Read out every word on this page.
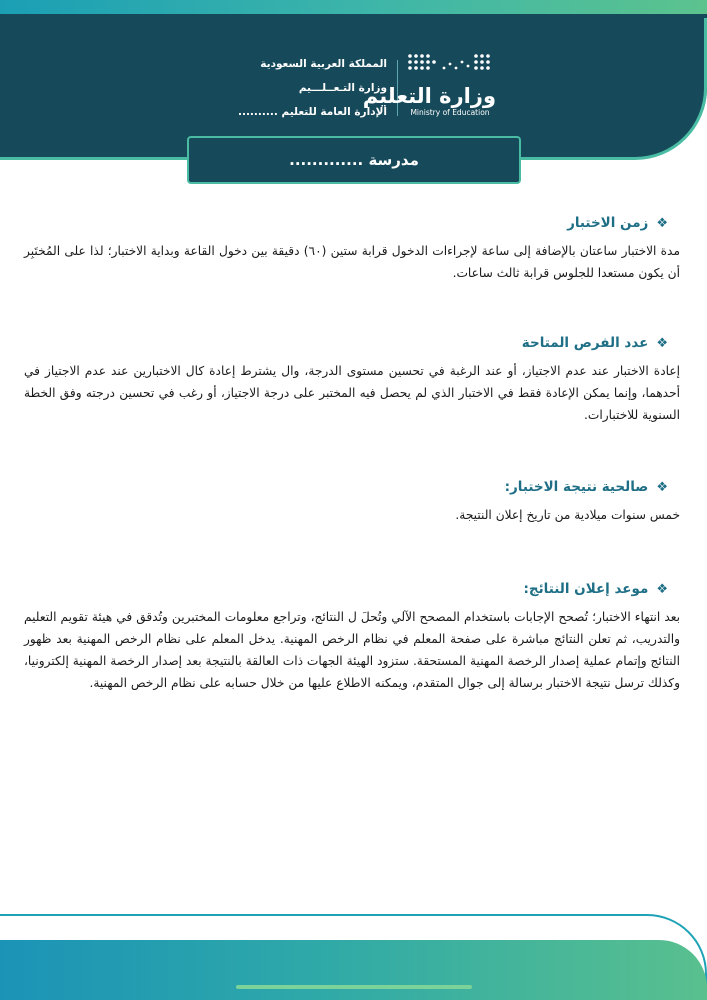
المملكة العربية السعودية
وزارة التـعــلـــيم
الإدارة العامة للتعليم ..........
وزارة التعليم
Ministry of Education
مدرسة .............
❖
زمن الاختبار

مدة الاختبار ساعتان بالإضافة إلى ساعة لإجراءات الدخول قرابة ستين (٦٠) دقيقة بين دخول القاعة وبداية الاختبار؛ لذا على المُختَبِر أن يكون مستعدا للجلوس قرابة ثالث ساعات.

❖
عدد الفرص المتاحة

إعادة الاختبار عند عدم الاجتياز، أو عند الرغبة في تحسين مستوى الدرجة، وال يشترط إعادة كال الاختبارين عند عدم الاجتياز في أحدهما، وإنما يمكن الإعادة فقط في الاختبار الذي لم يحصل فيه المختبر على درجة الاجتياز، أو رغب في تحسين درجته وفق الخطة السنوية للاختبارات.

❖
صالحية نتيجة الاختبار:

خمس سنوات ميلادية من تاريخ إعلان النتيجة.

❖
موعد إعلان النتائج:

بعد انتهاء الاختبار؛ تُصحح الإجابات باستخدام المصحح الآلي وتُحلَ ل النتائج، وتراجع معلومات المختبرين وتُدقق في هيئة تقويم التعليم والتدريب، ثم تعلن النتائج مباشرة على صفحة المعلم في نظام الرخص المهنية. يدخل المعلم على نظام الرخص المهنية بعد ظهور النتائج وإتمام عملية إصدار الرخصة المهنية المستحقة. ستزود الهيئة الجهات ذات العالقة بالنتيجة بعد إصدار الرخصة المهنية إلكترونيا، وكذلك ترسل نتيجة الاختبار برسالة إلى جوال المتقدم، ويمكنه الاطلاع عليها من خلال حسابه على نظام الرخص المهنية.
